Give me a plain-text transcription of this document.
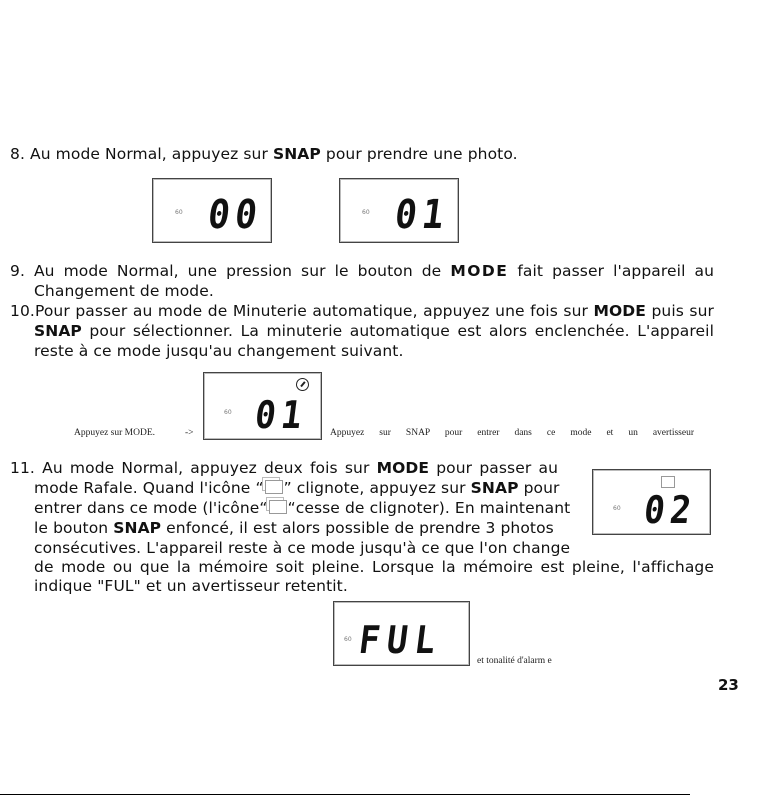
8. Au mode Normal, appuyez sur SNAP pour prendre une photo.
60 00	60 01
9. Au mode Normal, une pression sur le bouton de MODE fait passer l'appareil au
Changement de mode.
10.Pour passer au mode de Minuterie automatique, appuyez une fois sur MODE puis sur
SNAP pour sélectionner. La minuterie automatique est alors enclenchée. L'appareil
reste à ce mode jusqu'au changement suivant.
60 01
Appuyez sur MODE.	->	Appuyez sur SNAP pour entrer dans ce mode et un avertisseur
11. Au mode Normal, appuyez deux fois sur MODE pour passer au
mode Rafale. Quand l'icône “ ” clignote, appuyez sur SNAP pour
entrer dans ce mode (l'icône“ “cesse de clignoter). En maintenant
le bouton SNAP enfoncé, il est alors possible de prendre 3 photos
consécutives. L'appareil reste à ce mode jusqu'à ce que l'on change
de mode ou que la mémoire soit pleine. Lorsque la mémoire est pleine, l'affichage
indique "FUL" et un avertisseur retentit.
60 02
60 FUL	et tonalité d'alarm e
23
